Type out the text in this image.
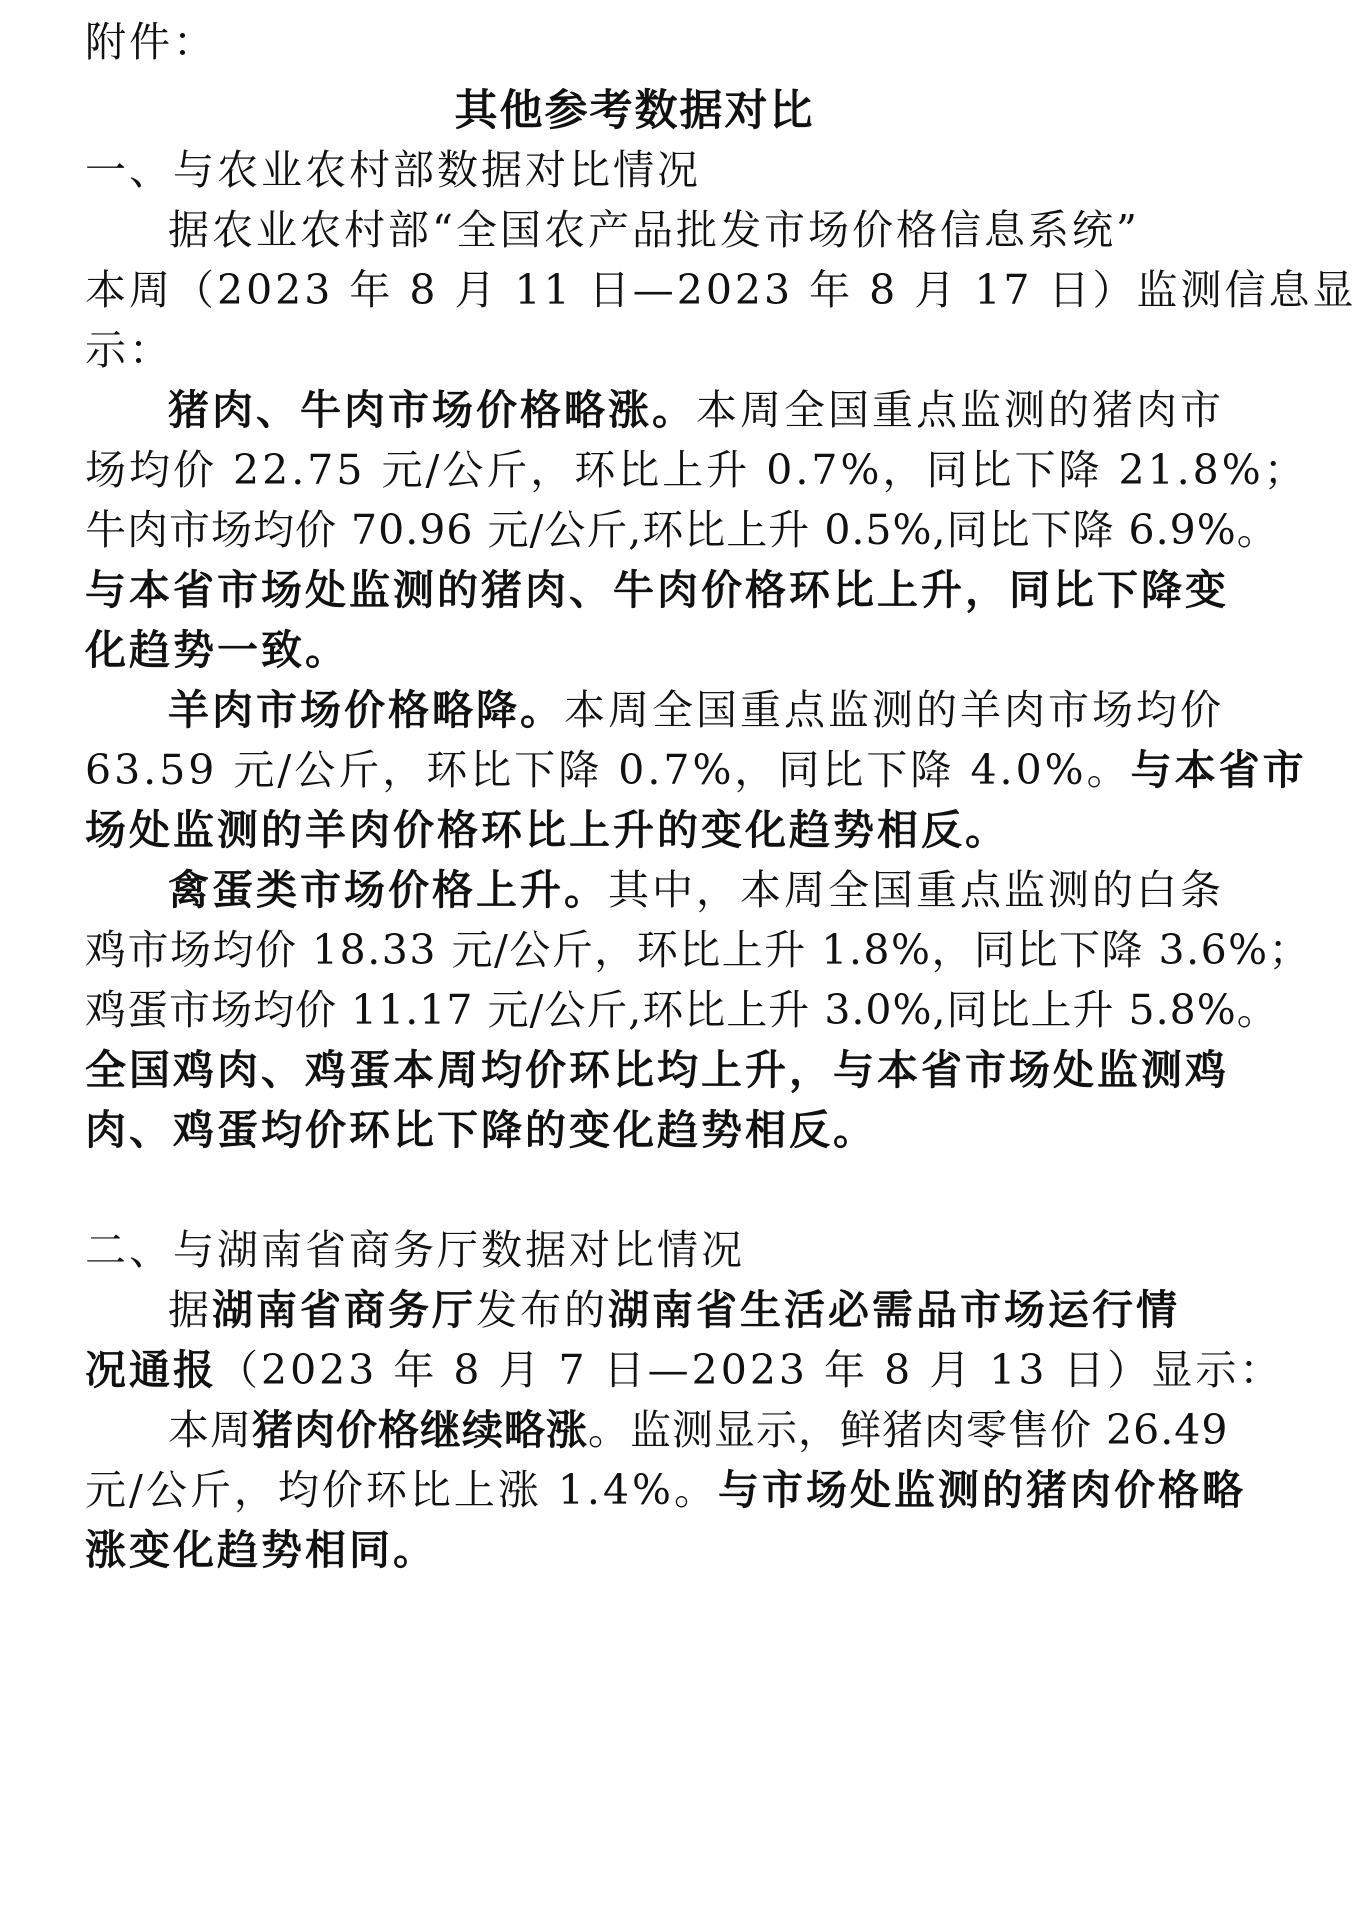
附件：

其他参考数据对比

一、与农业农村部数据对比情况

据农业农村部“全国农产品批发市场价格信息系统”

本周（2023 年 8 月 11 日—2023 年 8 月 17 日）监测信息显

示：

猪肉、牛肉市场价格略涨。本周全国重点监测的猪肉市

场均价 22.75 元/公斤，环比上升 0.7%，同比下降 21.8%；

牛肉市场均价 70.96 元/公斤,环比上升 0.5%,同比下降 6.9%。

与本省市场处监测的猪肉、牛肉价格环比上升，同比下降变

化趋势一致。

羊肉市场价格略降。本周全国重点监测的羊肉市场均价

63.59 元/公斤，环比下降 0.7%，同比下降 4.0%。与本省市

场处监测的羊肉价格环比上升的变化趋势相反。

禽蛋类市场价格上升。其中，本周全国重点监测的白条

鸡市场均价 18.33 元/公斤，环比上升 1.8%，同比下降 3.6%；

鸡蛋市场均价 11.17 元/公斤,环比上升 3.0%,同比上升 5.8%。

全国鸡肉、鸡蛋本周均价环比均上升，与本省市场处监测鸡

肉、鸡蛋均价环比下降的变化趋势相反。

二、与湖南省商务厅数据对比情况

据湖南省商务厅发布的湖南省生活必需品市场运行情

况通报（2023 年 8 月 7 日—2023 年 8 月 13 日）显示：

本周猪肉价格继续略涨。监测显示，鲜猪肉零售价 26.49

元/公斤，均价环比上涨 1.4%。与市场处监测的猪肉价格略

涨变化趋势相同。
